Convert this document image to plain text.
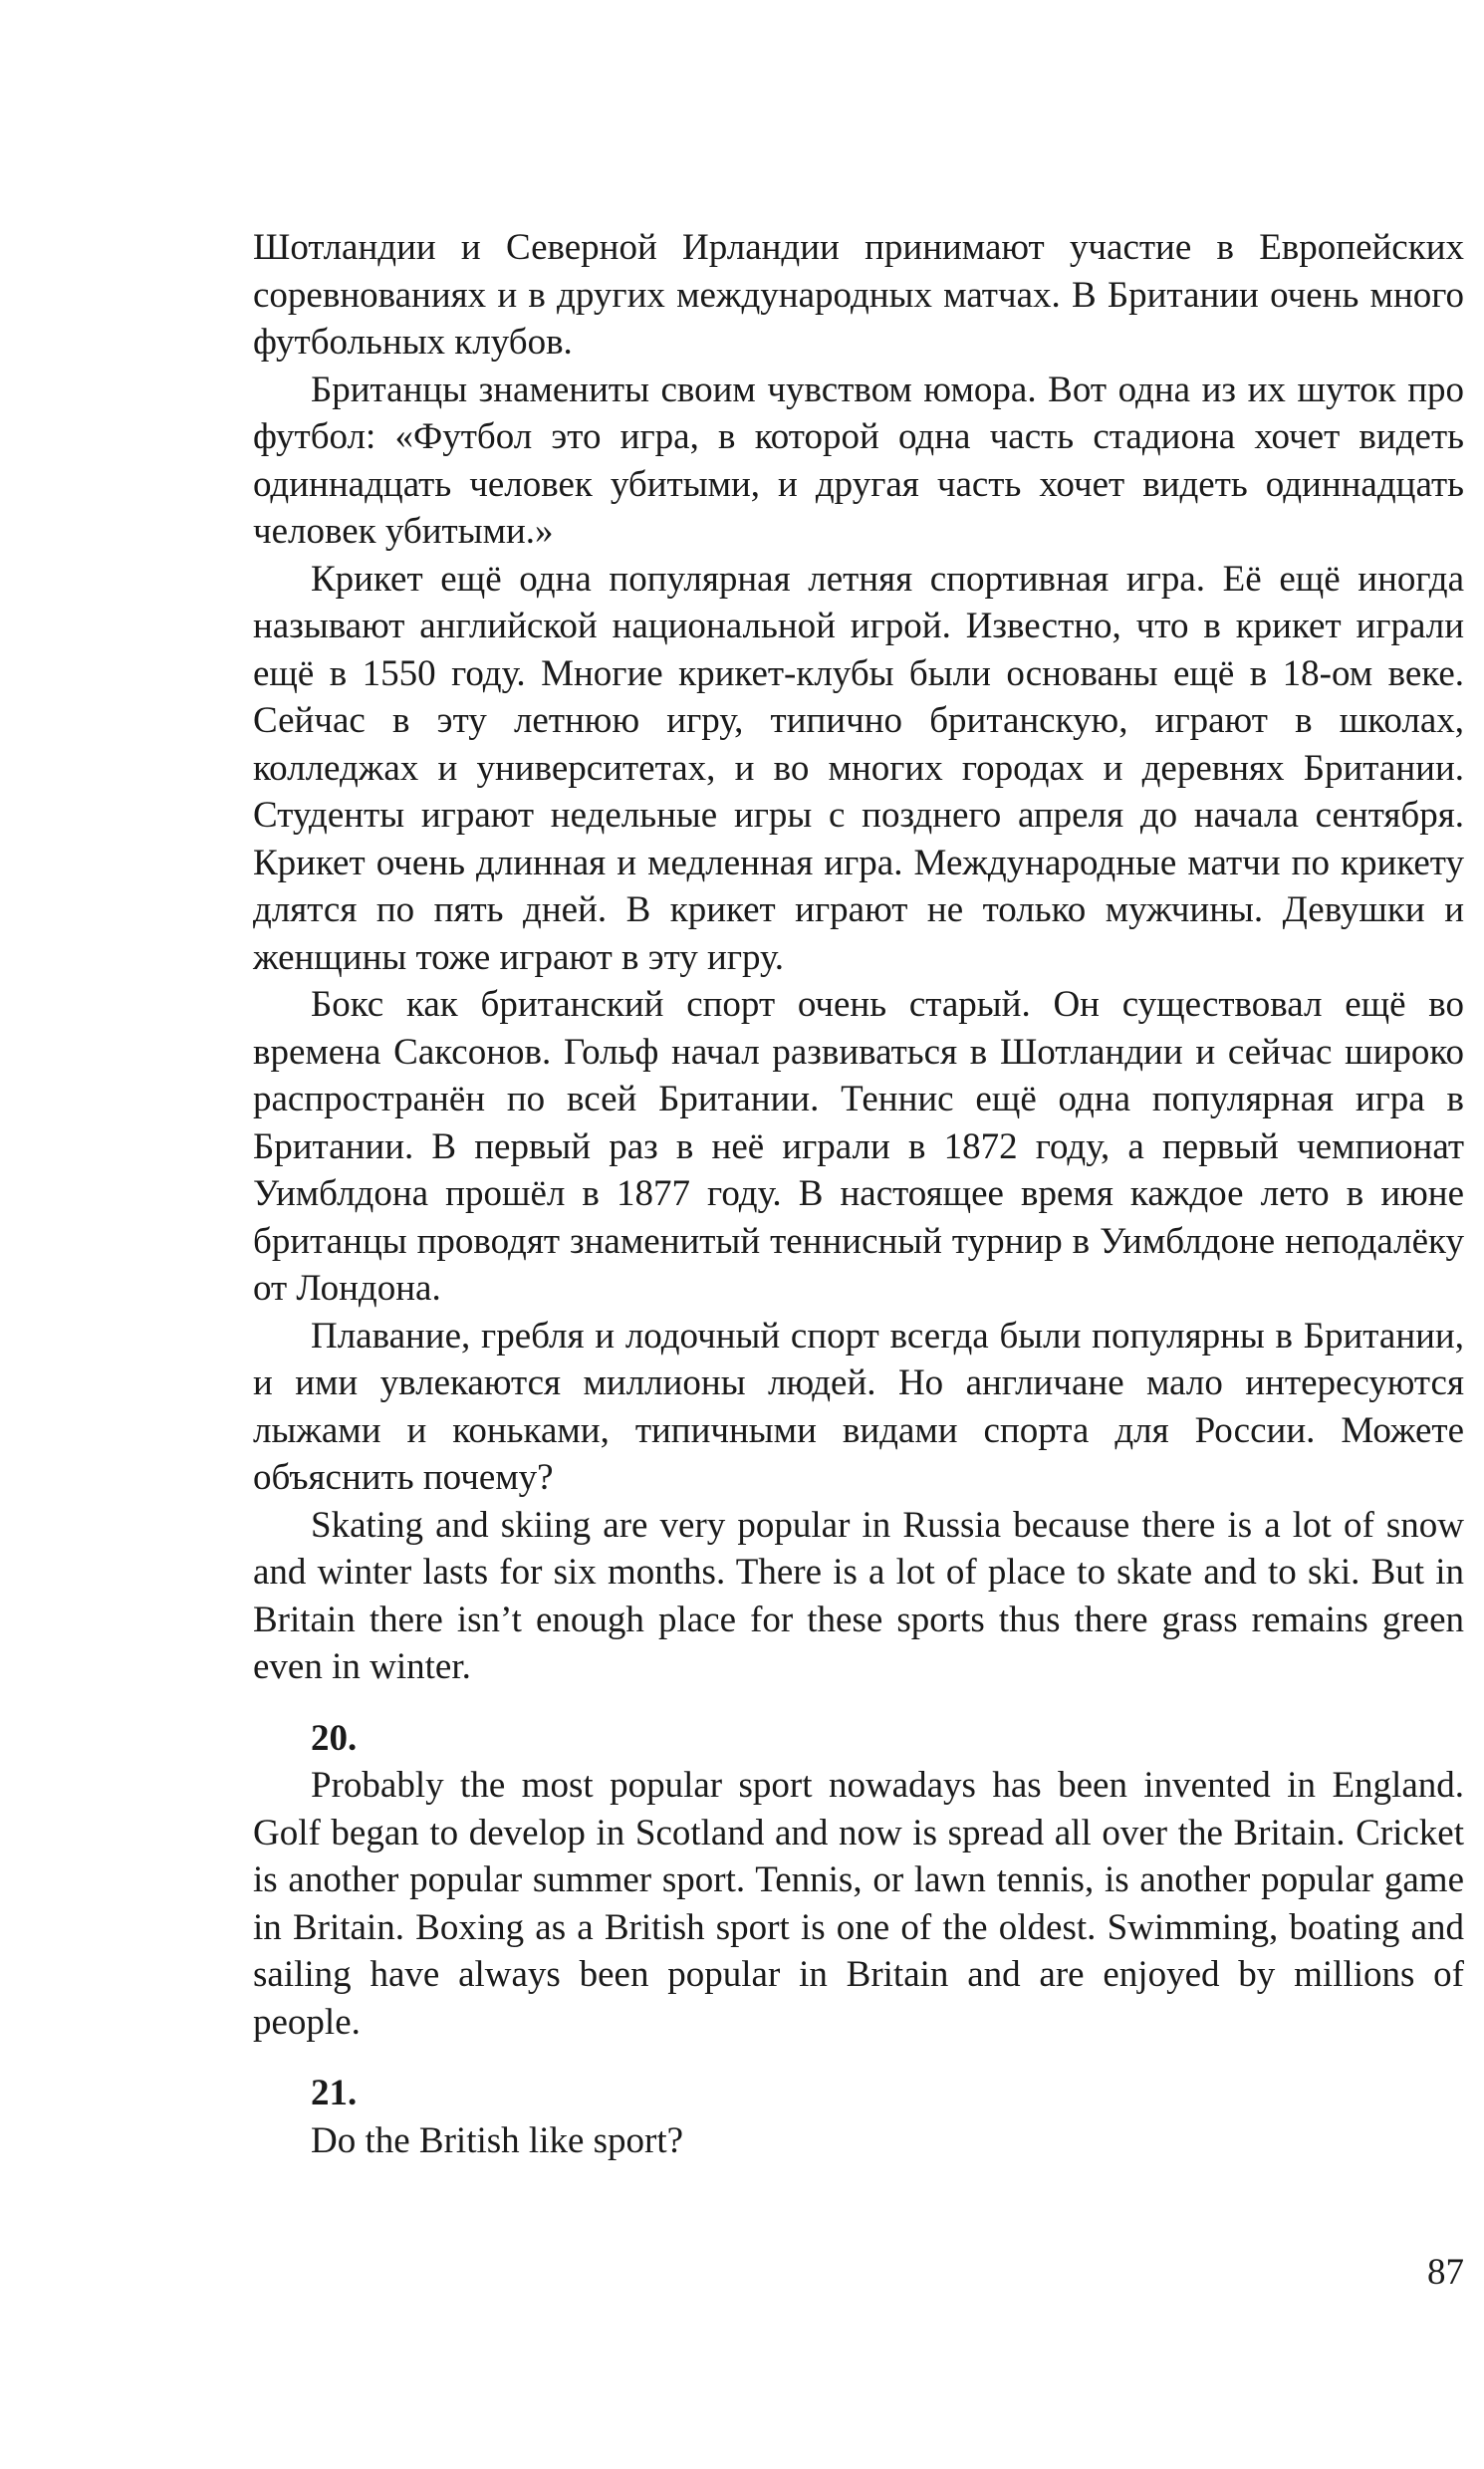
Шотландии и Северной Ирландии принимают участие в Европейских соревнованиях и в других международных матчах. В Британии очень много футбольных клубов.

Британцы знамениты своим чувством юмора. Вот одна из их шуток про футбол: «Футбол это игра, в которой одна часть стадиона хочет видеть одиннадцать человек убитыми, и другая часть хочет видеть одиннадцать человек убитыми.»

Крикет ещё одна популярная летняя спортивная игра. Её ещё иногда называют английской национальной игрой. Известно, что в крикет играли ещё в 1550 году. Многие крикет-клубы были основаны ещё в 18-ом веке. Сейчас в эту летнюю игру, типично британскую, играют в школах, колледжах и университетах, и во многих городах и деревнях Британии. Студенты играют недельные игры с позднего апреля до начала сентября. Крикет очень длинная и медленная игра. Международные матчи по крикету длятся по пять дней. В крикет играют не только мужчины. Девушки и женщины тоже играют в эту игру.

Бокс как британский спорт очень старый. Он существовал ещё во времена Саксонов. Гольф начал развиваться в Шотландии и сейчас широко распространён по всей Британии. Теннис ещё одна популярная игра в Британии. В первый раз в неё играли в 1872 году, а первый чемпионат Уимблдона прошёл в 1877 году. В настоящее время каждое лето в июне британцы проводят знаменитый теннисный турнир в Уимблдоне неподалёку от Лондона.

Плавание, гребля и лодочный спорт всегда были популярны в Британии, и ими увлекаются миллионы людей. Но англичане мало интересуются лыжами и коньками, типичными видами спорта для России. Можете объяснить почему?

Skating and skiing are very popular in Russia because there is a lot of snow and winter lasts for six months. There is a lot of place to skate and to ski. But in Britain there isn’t enough place for these sports thus there grass remains green even in winter.

20.

Probably the most popular sport nowadays has been invented in England. Golf began to develop in Scotland and now is spread all over the Britain. Cricket is another popular summer sport. Tennis, or lawn tennis, is another popular game in Britain. Boxing as a British sport is one of the oldest. Swimming, boating and sailing have always been popular in Britain and are enjoyed by millions of people.

21.

Do the British like sport?

87
